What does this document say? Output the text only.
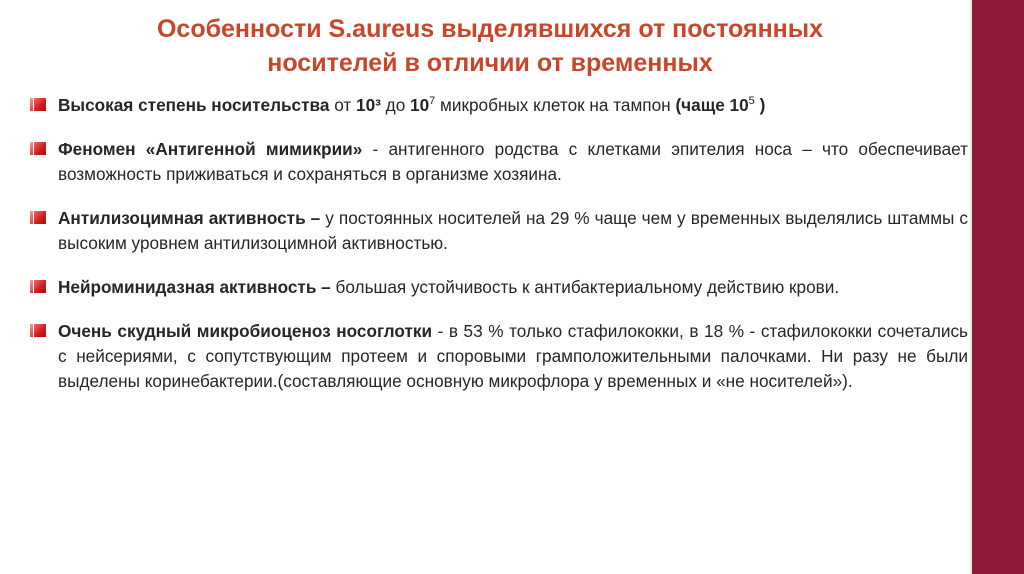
Особенности S.aureus выделявшихся от постоянных
носителей в отличии от временных
Высокая степень носительства от 10³ до $10^7$ микробных клеток на тампон (чаще $10^5$ )
Феномен «Антигенной мимикрии» - антигенного родства с клетками эпителия носа – что обеспечивает возможность приживаться и сохраняться в организме хозяина.
Антилизоцимная активность – у постоянных носителей на 29 % чаще чем у временных выделялись штаммы с высоким уровнем антилизоцимной активностью.
Нейроминидазная активность – большая устойчивость к антибактериальному действию крови.
Очень скудный микробиоценоз носоглотки - в 53 % только стафилококки, в 18 % - стафилококки сочетались с нейсериями, с сопутствующим протеем и споровыми грамположительными палочками. Ни разу не были выделены коринебактерии.(составляющие основную микрофлора у временных и «не носителей»).
